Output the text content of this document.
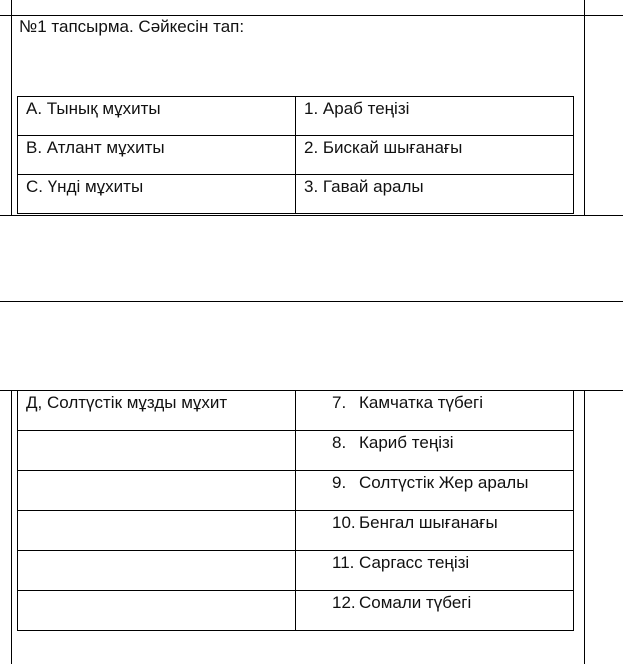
№1 тапсырма. Сәйкесін тап:
А. Тынық мұхиты	1. Араб теңізі
В. Атлант мұхиты	2. Бискай шығанағы
С. Үнді мұхиты	3. Гавай аралы
Д, Солтүстік мұзды мұхит	7. Камчатка түбегі
	8. Кариб теңізі
	9. Солтүстік Жер аралы
	10. Бенгал шығанағы
	11. Саргасс теңізі
	12. Сомали түбегі
